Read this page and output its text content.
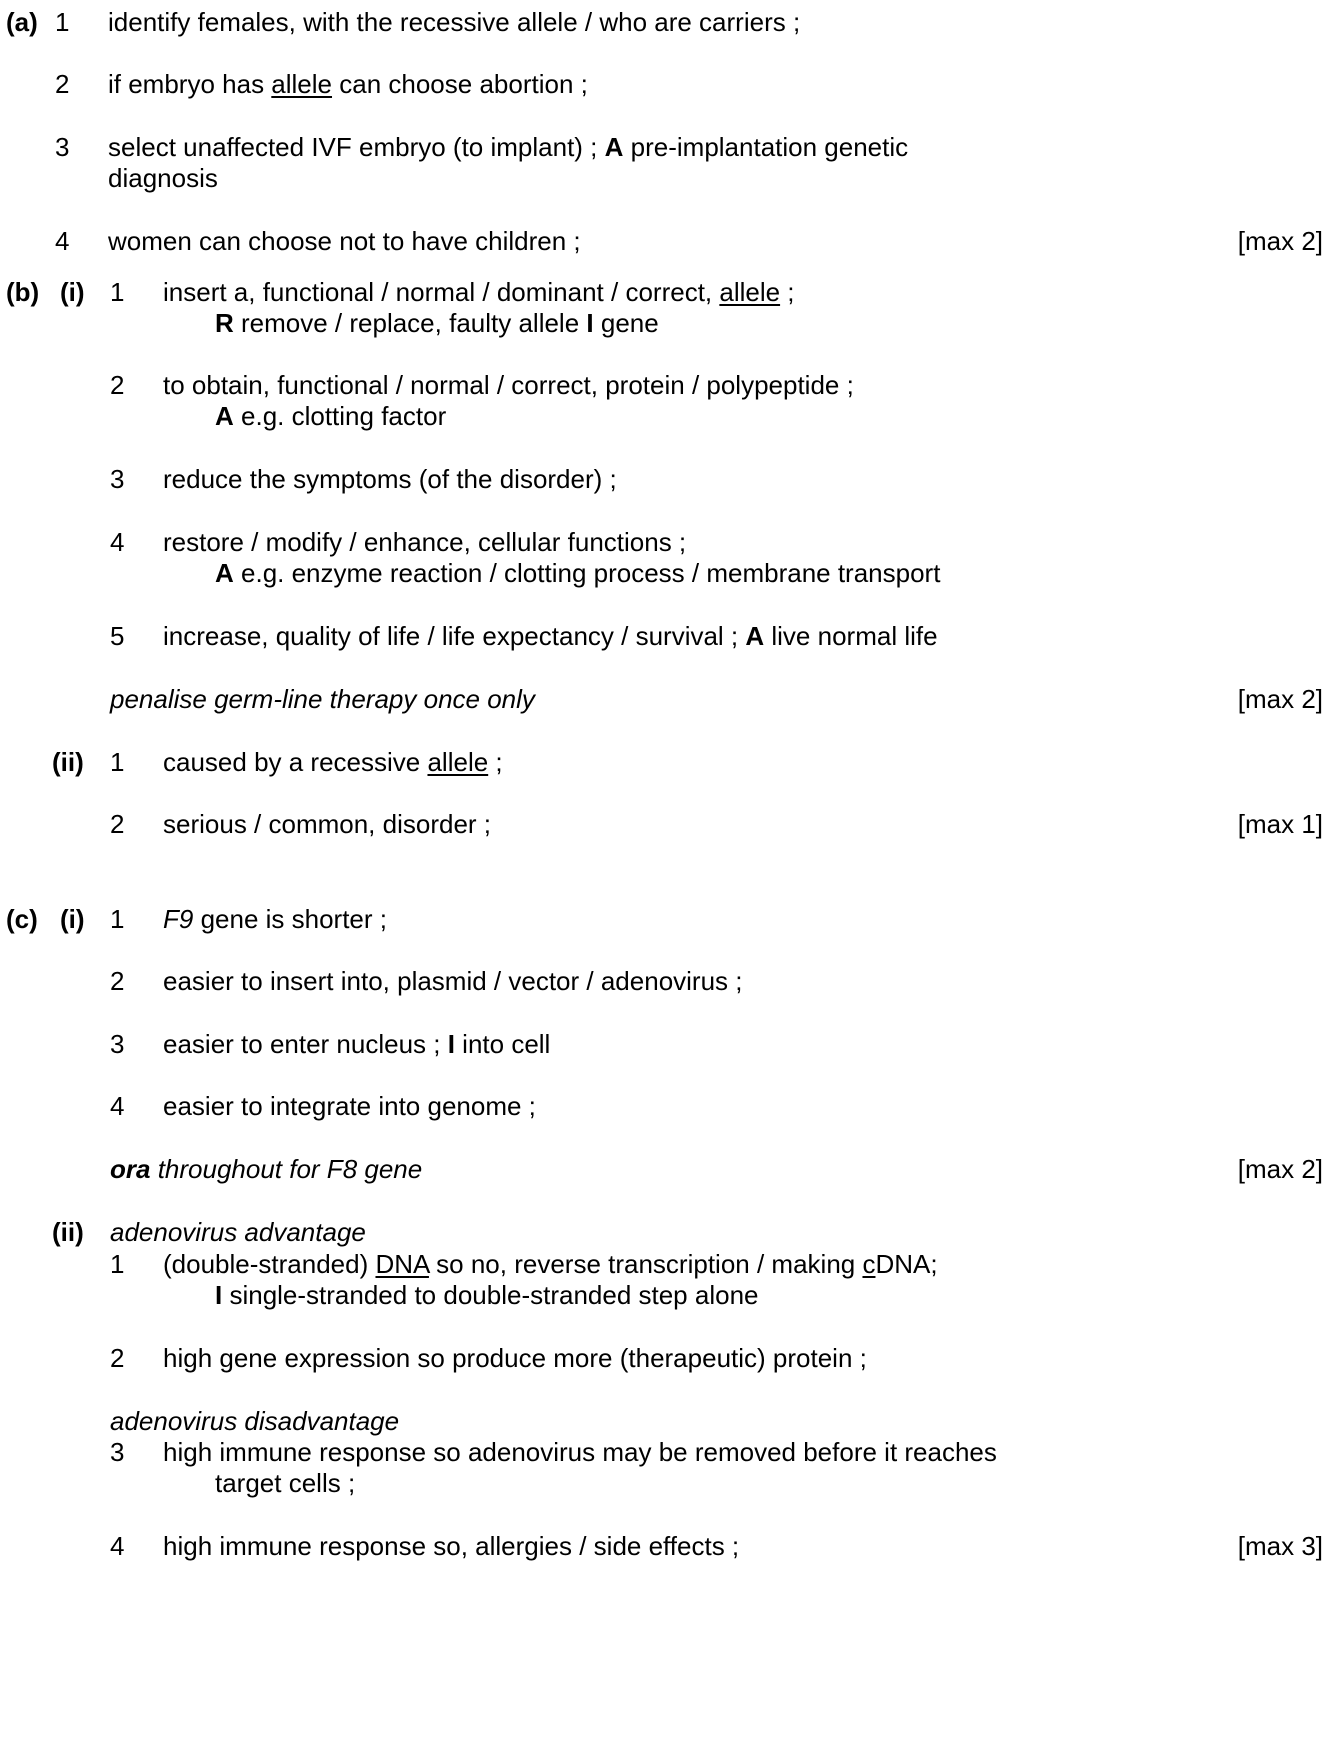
(a) 1 identify females, with the recessive allele / who are carriers ;
2 if embryo has allele can choose abortion ;
3 select unaffected IVF embryo (to implant) ; A pre-implantation genetic
diagnosis
4 women can choose not to have children ;	[max 2]
(b) (i) 1 insert a, functional / normal / dominant / correct, allele ;
R remove / replace, faulty allele I gene
2 to obtain, functional / normal / correct, protein / polypeptide ;
A e.g. clotting factor
3 reduce the symptoms (of the disorder) ;
4 restore / modify / enhance, cellular functions ;
A e.g. enzyme reaction / clotting process / membrane transport
5 increase, quality of life / life expectancy / survival ; A live normal life
penalise germ-line therapy once only	[max 2]
(ii) 1 caused by a recessive allele ;
2 serious / common, disorder ;	[max 1]
(c) (i) 1 F9 gene is shorter ;
2 easier to insert into, plasmid / vector / adenovirus ;
3 easier to enter nucleus ; I into cell
4 easier to integrate into genome ;
ora throughout for F8 gene	[max 2]
(ii) adenovirus advantage
1 (double-stranded) DNA so no, reverse transcription / making cDNA;
I single-stranded to double-stranded step alone
2 high gene expression so produce more (therapeutic) protein ;
adenovirus disadvantage
3 high immune response so adenovirus may be removed before it reaches
target cells ;
4 high immune response so, allergies / side effects ;	[max 3]
